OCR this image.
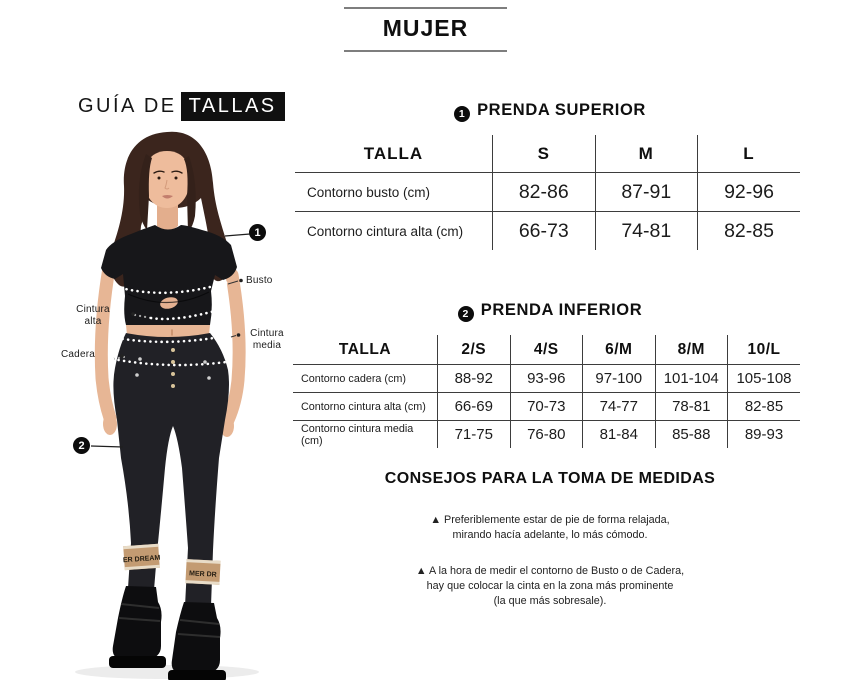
MUJER
GUÍA DE TALLAS
ER DREAM
MER DR
Busto
Cintura
alta
Cintura
media
Cadera
1
2
1 PRENDA SUPERIOR
TALLA	S	M	L
Contorno busto (cm)	82-86	87-91	92-96
Contorno cintura alta (cm)	66-73	74-81	82-85
2 PRENDA INFERIOR
TALLA	2/S	4/S	6/M	8/M	10/L
Contorno cadera (cm)	88-92	93-96	97-100	101-104	105-108
Contorno cintura alta (cm)	66-69	70-73	74-77	78-81	82-85
Contorno cintura media (cm)	71-75	76-80	81-84	85-88	89-93
CONSEJOS PARA LA TOMA DE MEDIDAS
▲ Preferiblemente estar de pie de forma relajada,
mirando hacía adelante, lo más cómodo.
▲ A la hora de medir el contorno de Busto o de Cadera,
hay que colocar la cinta en la zona más prominente
(la que más sobresale).
